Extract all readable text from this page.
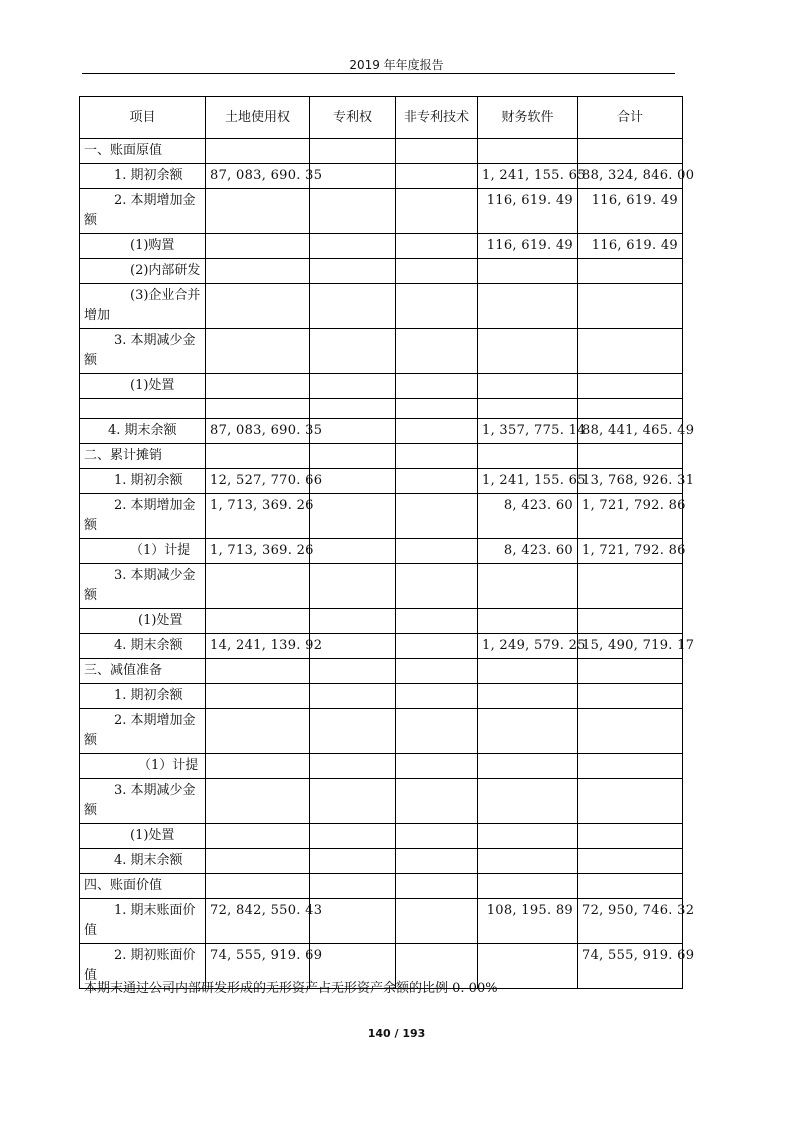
2019 年年度报告
项目	土地使用权	专利权	非专利技术	财务软件	合计
一、账面原值					
1. 期初余额	87, 083, 690. 35			1, 241, 155. 65	88, 324, 846. 00
2. 本期增加金额				116, 619. 49	116, 619. 49
(1)购置				116, 619. 49	116, 619. 49
(2)内部研发					
(3)企业合并增加					
3. 本期减少金额					
(1)处置					

4. 期末余额	87, 083, 690. 35			1, 357, 775. 14	88, 441, 465. 49
二、累计摊销					
1. 期初余额	12, 527, 770. 66			1, 241, 155. 65	13, 768, 926. 31
2. 本期增加金额	1, 713, 369. 26			8, 423. 60	1, 721, 792. 86
（1）计提	1, 713, 369. 26			8, 423. 60	1, 721, 792. 86
3. 本期减少金额					
(1)处置					
4. 期末余额	14, 241, 139. 92			1, 249, 579. 25	15, 490, 719. 17
三、减值准备					
1. 期初余额					
2. 本期增加金额					
（1）计提					
3. 本期减少金额					
(1)处置					
4. 期末余额					
四、账面价值					
1. 期末账面价值	72, 842, 550. 43			108, 195. 89	72, 950, 746. 32
2. 期初账面价值	74, 555, 919. 69				74, 555, 919. 69
本期末通过公司内部研发形成的无形资产占无形资产余额的比例 0. 00%
140 / 193
